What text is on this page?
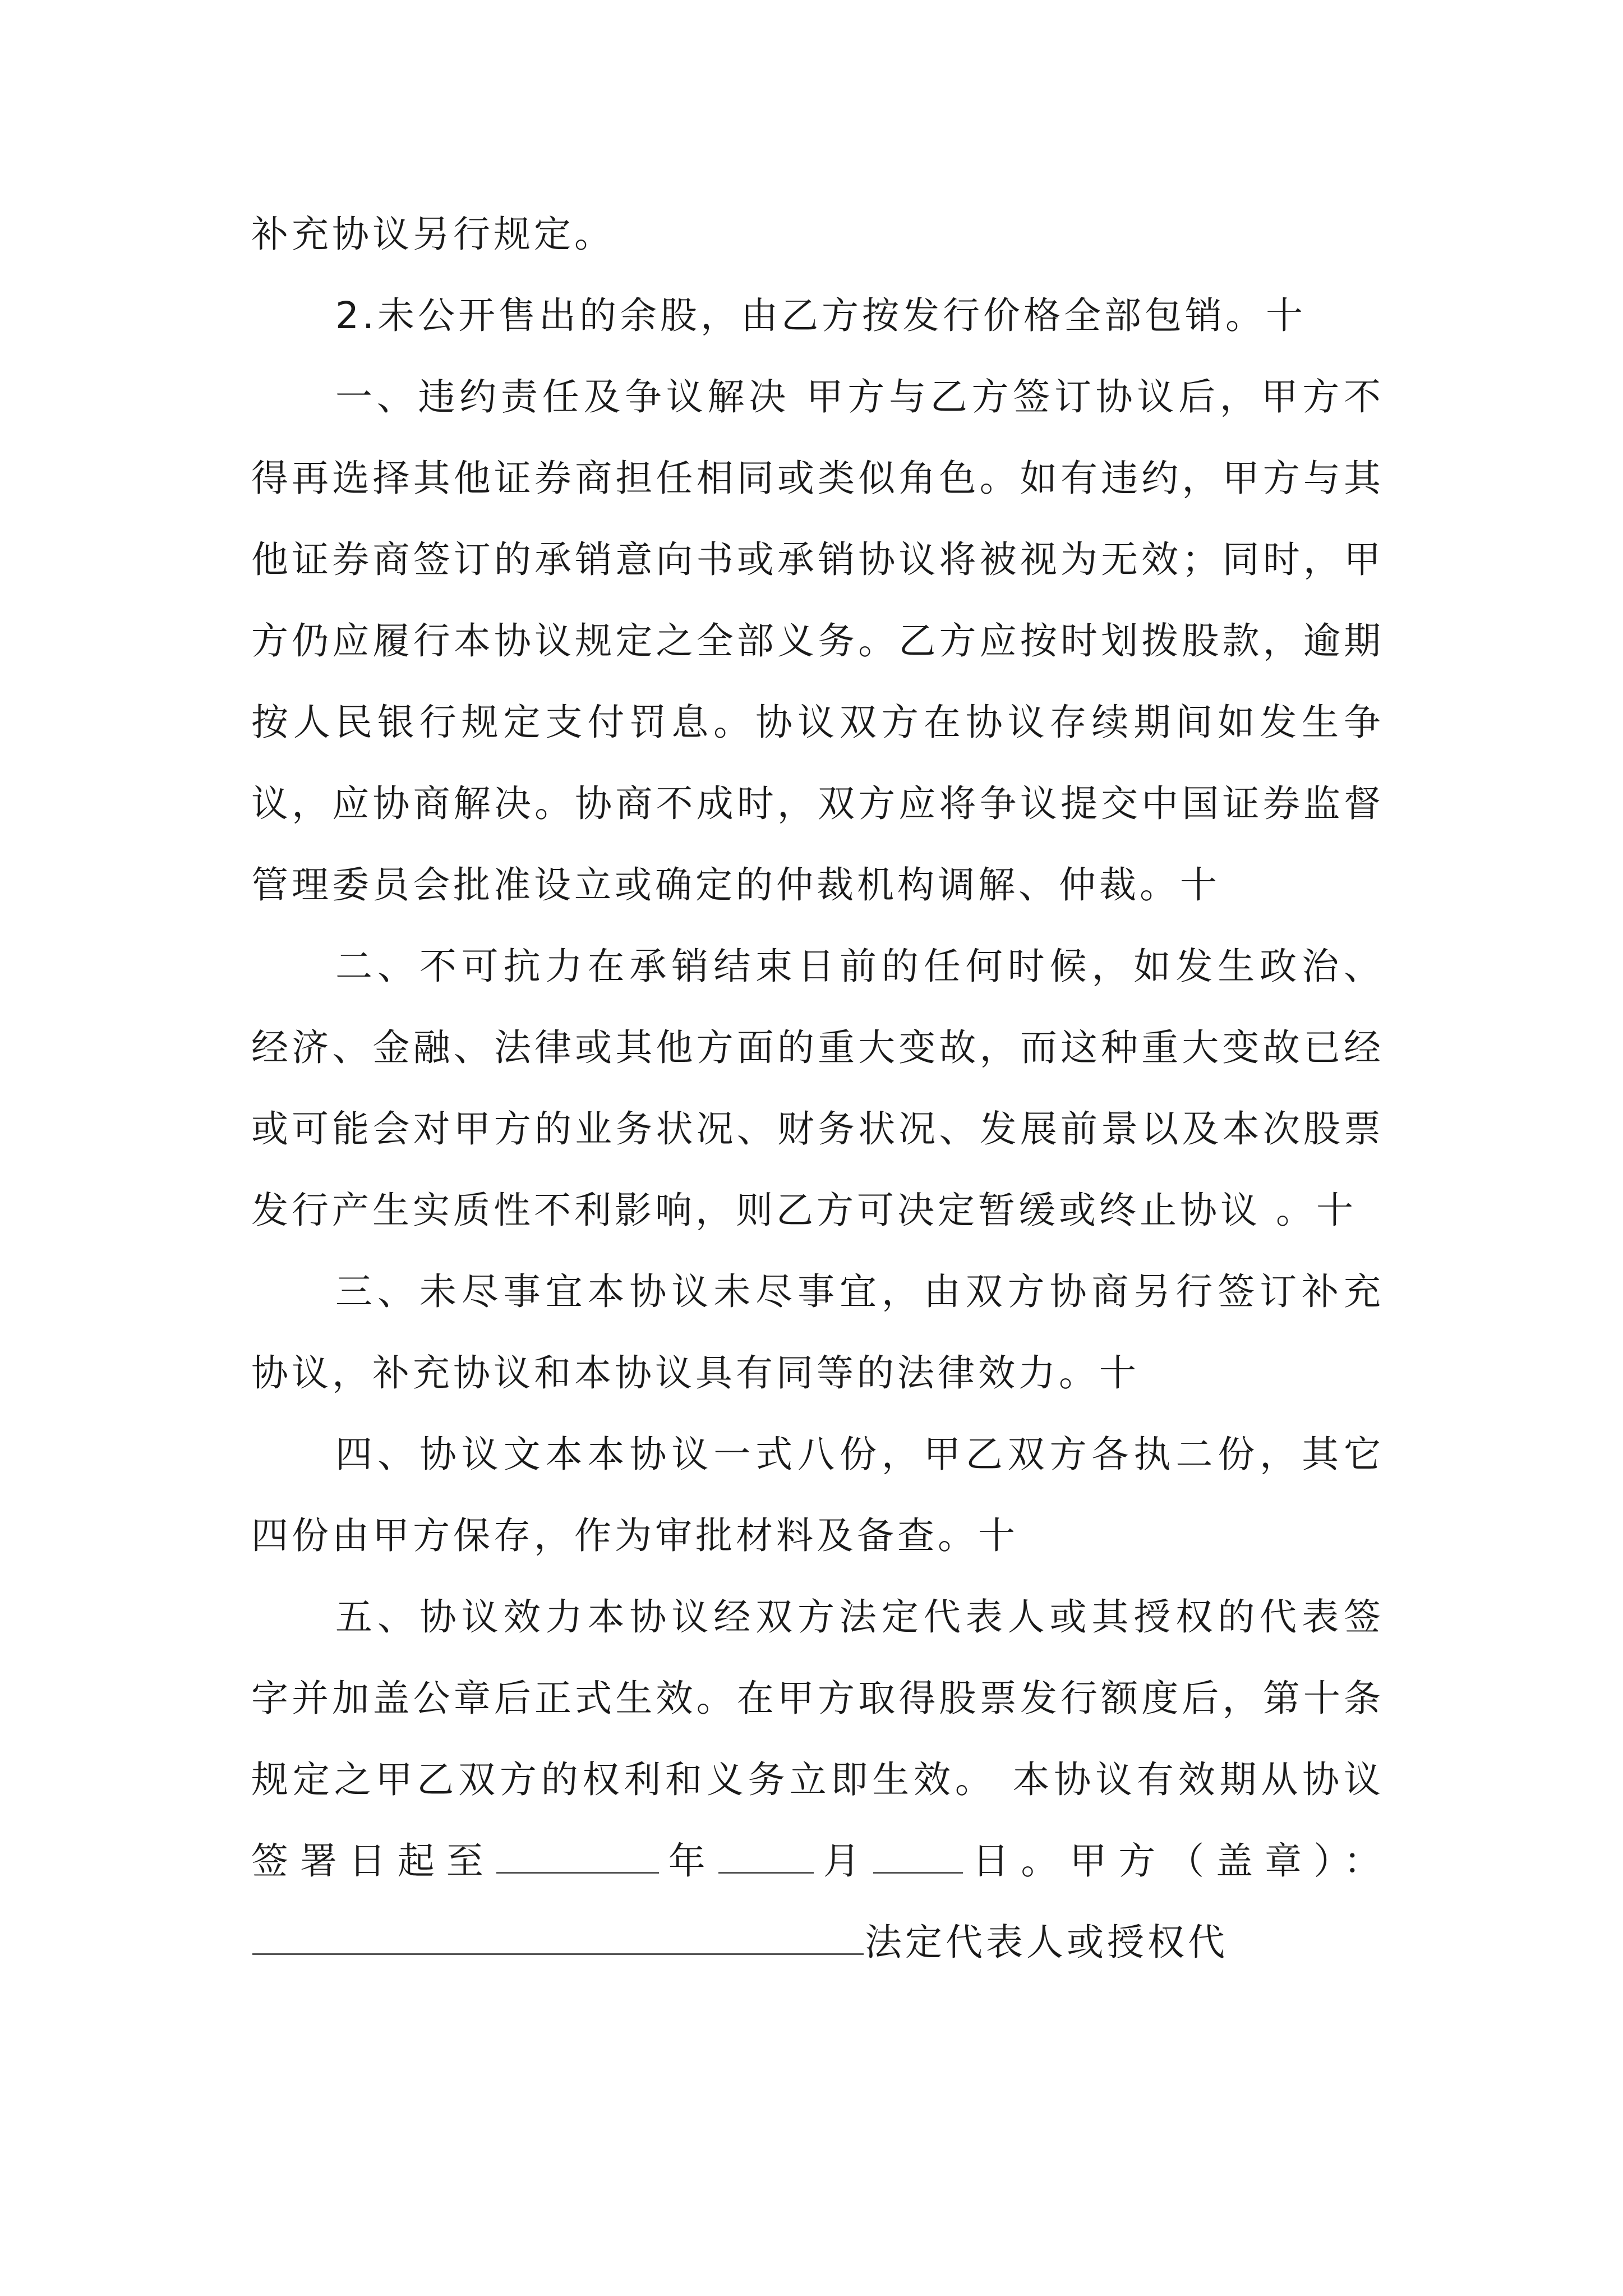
补充协议另行规定。

2.未公开售出的余股，由乙方按发行价格全部包销。十

一、违约责任及争议解决 甲方与乙方签订协议后，甲方不得再选择其他证券商担任相同或类似角色。如有违约，甲方与其他证券商签订的承销意向书或承销协议将被视为无效；同时，甲方仍应履行本协议规定之全部义务。乙方应按时划拨股款，逾期按人民银行规定支付罚息。协议双方在协议存续期间如发生争议，应协商解决。协商不成时，双方应将争议提交中国证券监督管理委员会批准设立或确定的仲裁机构调解、仲裁。十

二、不可抗力在承销结束日前的任何时候，如发生政治、经济、金融、法律或其他方面的重大变故，而这种重大变故已经或可能会对甲方的业务状况、财务状况、发展前景以及本次股票发行产生实质性不利影响，则乙方可决定暂缓或终止协议 。十

三、未尽事宜本协议未尽事宜，由双方协商另行签订补充协议，补充协议和本协议具有同等的法律效力。十

四、协议文本本协议一式八份，甲乙双方各执二份，其它四份由甲方保存，作为审批材料及备查。十

五、协议效力本协议经双方法定代表人或其授权的代表签字并加盖公章后正式生效。在甲方取得股票发行额度后，第十条规定之甲乙双方的权利和义务立即生效。 本协议有效期从协议签署日起至	年	月 日。甲方（盖章）：法定代表人或授权代
